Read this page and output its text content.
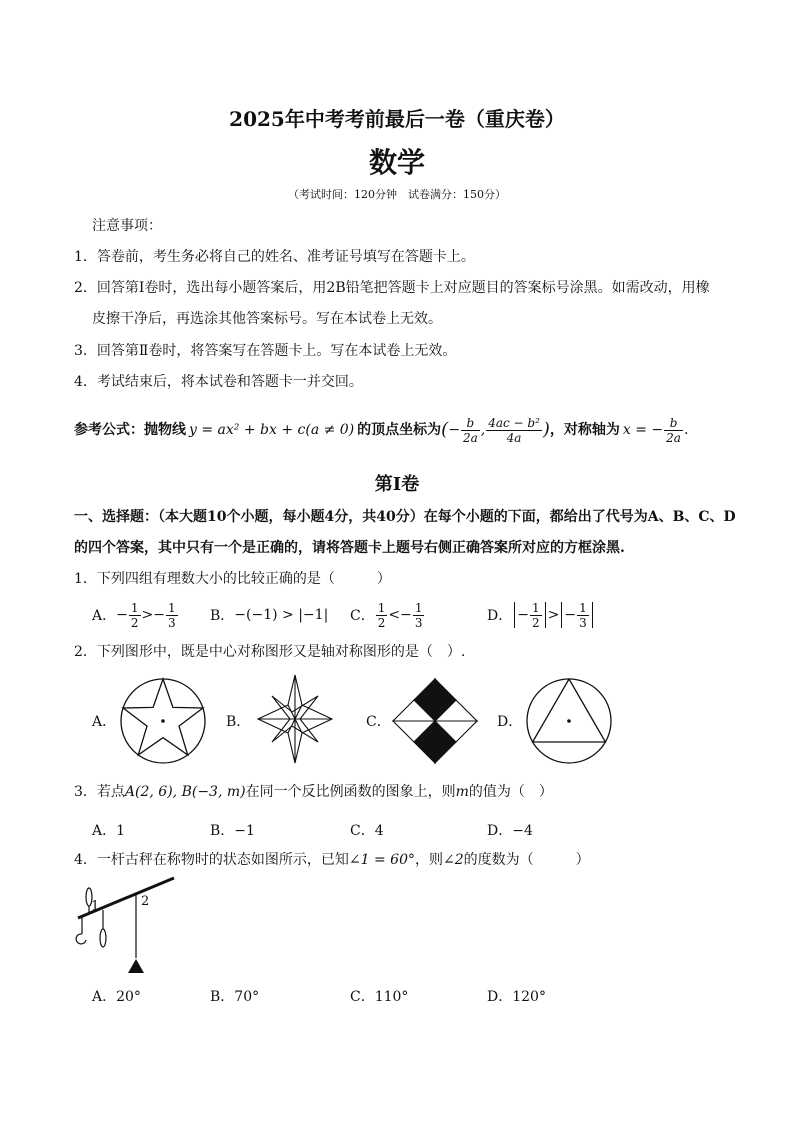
2025年中考考前最后一卷（重庆卷）
数学
（考试时间：120分钟　试卷满分：150分）
注意事项：
1．答卷前，考生务必将自己的姓名、准考证号填写在答题卡上。
2．回答第Ⅰ卷时，选出每小题答案后，用2B铅笔把答题卡上对应题目的答案标号涂黑。如需改动，用橡
皮擦干净后，再选涂其他答案标号。写在本试卷上无效。
3．回答第Ⅱ卷时，将答案写在答题卡上。写在本试卷上无效。
4．考试结束后，将本试卷和答题卡一并交回。
参考公式：抛物线 y = ax² + bx + c(a ≠ 0) 的顶点坐标为 ( − $\frac{b}{2a}$ , $\frac{\text{4ac − b²}}{4a}$ ) ，对称轴为 x = − $\frac{b}{2a}$ .
第Ⅰ卷
一、选择题：（本大题10个小题，每小题4分，共40分）在每个小题的下面，都给出了代号为A、B、C、D
的四个答案，其中只有一个是正确的，请将答题卡上题号右侧正确答案所对应的方框涂黑.
1．下列四组有理数大小的比较正确的是（　　　）
A． − $\frac{1}{2} >- \frac{1}{3}$ B． −(−1) > |−1| C． $\frac{1}{2} <- \frac{1}{3}$	D． − $\frac{1}{2}$ > − $\frac{1}{3}$
2．下列图形中，既是中心对称图形又是轴对称图形的是（　）.
A．	B．	C．	D．
3．若点A(2, 6), B(−3, m)在同一个反比例函数的图象上，则m的值为（　）
A．1	B．−1	C．4	D．−4
4．一杆古秤在称物时的状态如图所示，已知∠1 = 60°，则∠2的度数为（　　　）
1	2
A．20°	B．70°	C．110°	D．120°
